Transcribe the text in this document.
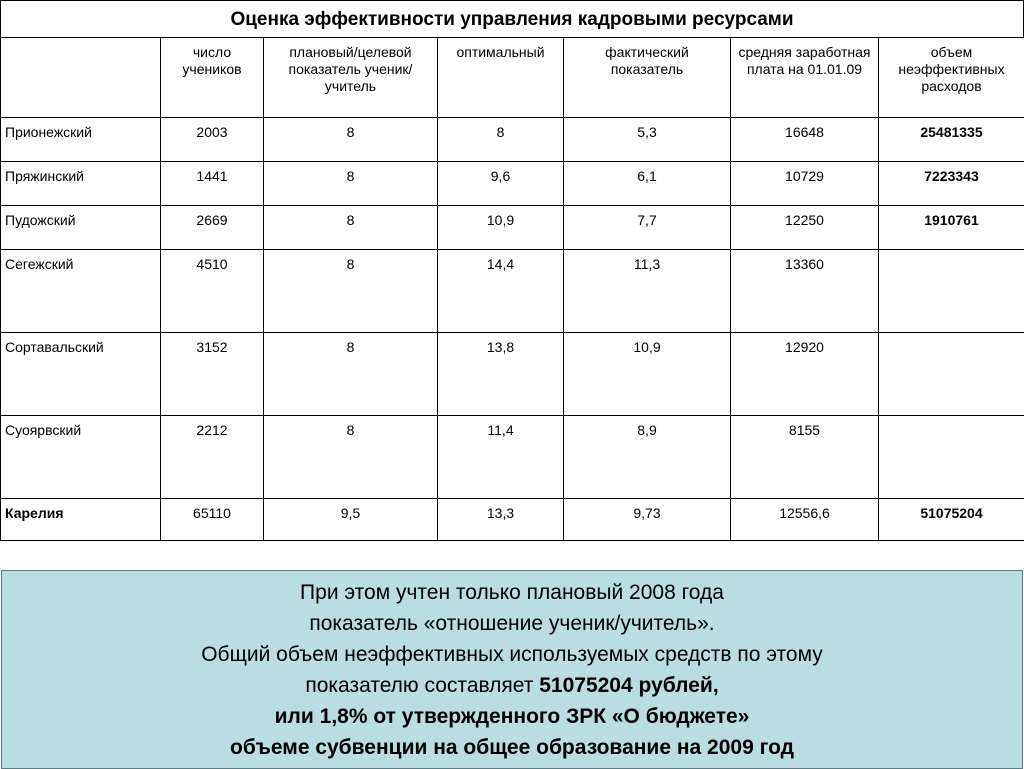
Оценка эффективности управления кадровыми ресурсами
	число учеников	плановый/целевой показатель ученик/учитель	оптимальный	фактический показатель	средняя заработная плата на 01.01.09	объем неэффективных расходов
Прионежский	2003	8	8	5,3	16648	25481335
Пряжинский	1441	8	9,6	6,1	10729	7223343
Пудожский	2669	8	10,9	7,7	12250	1910761
Сегежский	4510	8	14,4	11,3	13360	
Сортавальский	3152	8	13,8	10,9	12920	
Суоярвский	2212	8	11,4	8,9	8155	
Карелия	65110	9,5	13,3	9,73	12556,6	51075204
При этом учтен только плановый 2008 года
показатель «отношение ученик/учитель».
Общий объем неэффективных используемых средств по этому
показателю составляет 51075204 рублей,
или 1,8% от утвержденного ЗРК «О бюджете»
объеме субвенции на общее образование на 2009 год
